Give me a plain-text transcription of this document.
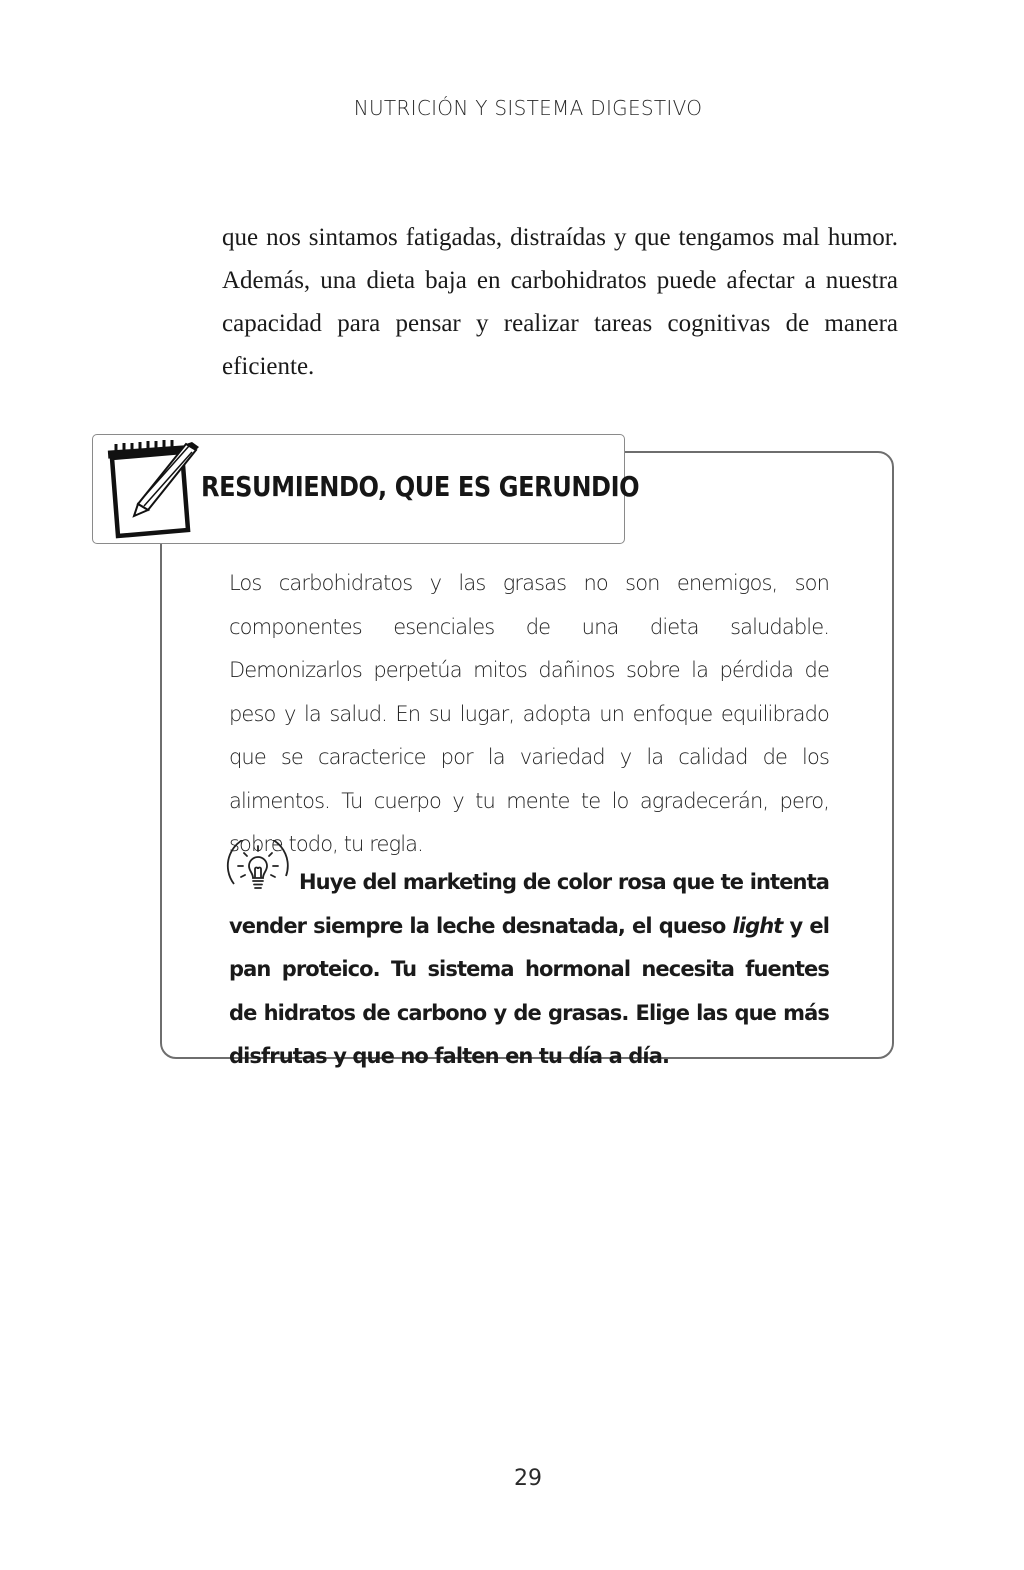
NUTRICIÓN Y SISTEMA DIGESTIVO

que nos sintamos fatigadas, distraídas y que tengamos mal humor. Además, una dieta baja en carbohidratos puede afectar a nuestra capacidad para pensar y realizar tareas cognitivas de manera eficiente.

RESUMIENDO, QUE ES GERUNDIO

Los carbohidratos y las grasas no son enemigos, son componentes esenciales de una dieta saludable. Demonizarlos perpetúa mitos dañinos sobre la pérdida de peso y la salud. En su lugar, adopta un enfoque equilibrado que se caracterice por la variedad y la calidad de los alimentos. Tu cuerpo y tu mente te lo agradecerán, pero, sobre todo, tu regla.

Huye del marketing de color rosa que te intenta vender siempre la leche desnatada, el queso light y el pan proteico. Tu sistema hormonal necesita fuentes de hidratos de carbono y de grasas. Elige las que más disfrutas y que no falten en tu día a día.

29
